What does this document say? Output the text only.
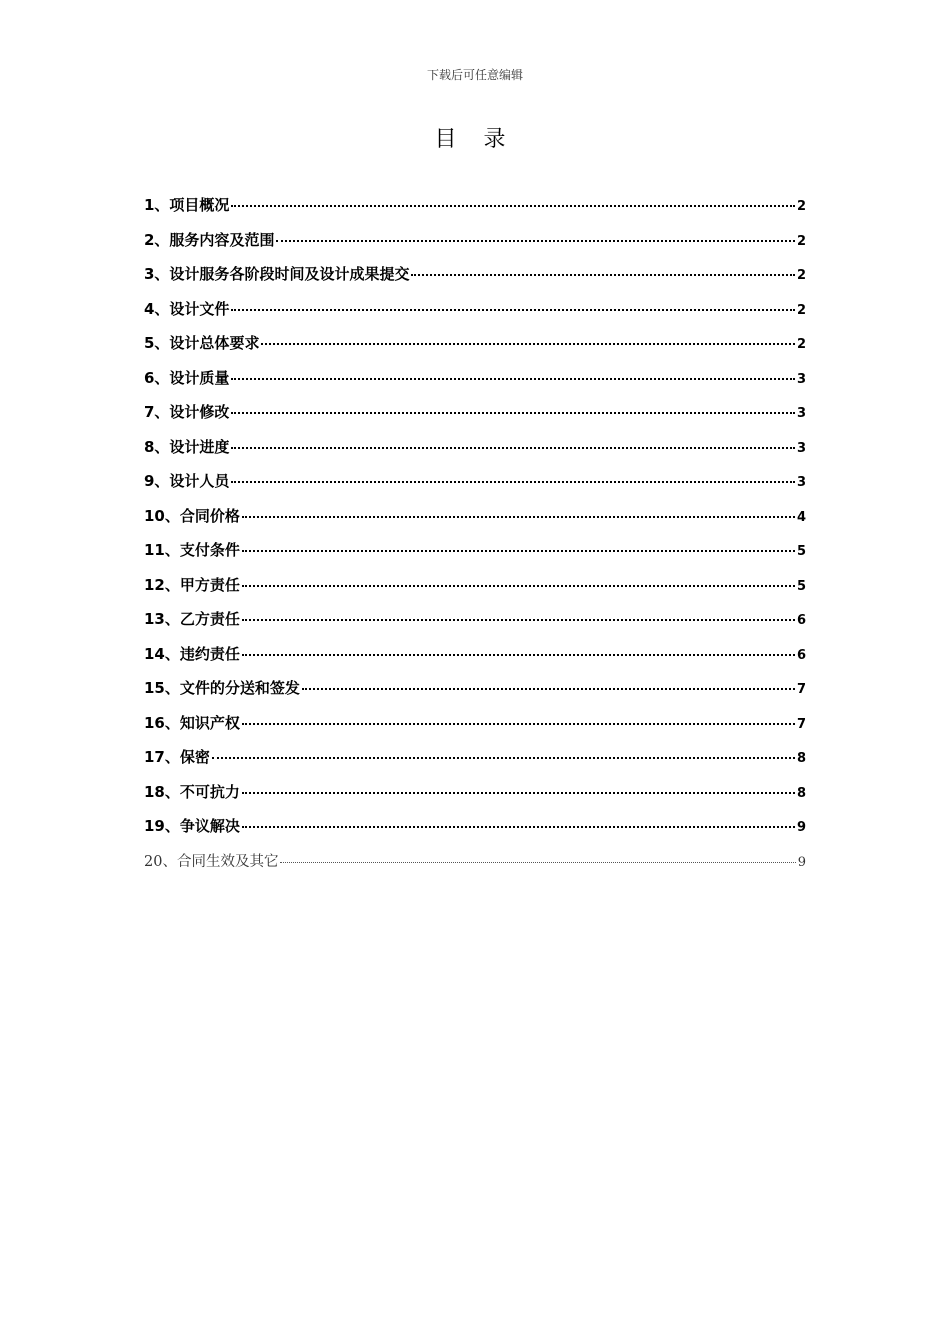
下载后可任意编辑
目 录
1、项目概况	2
2、服务内容及范围	2
3、设计服务各阶段时间及设计成果提交	2
4、设计文件	2
5、设计总体要求	2
6、设计质量	3
7、设计修改	3
8、设计进度	3
9、设计人员	3
10、合同价格	4
11、支付条件	5
12、甲方责任	5
13、乙方责任	6
14、违约责任	6
15、文件的分送和签发	7
16、知识产权	7
17、保密	8
18、不可抗力	8
19、争议解决	9
20、合同生效及其它	9
